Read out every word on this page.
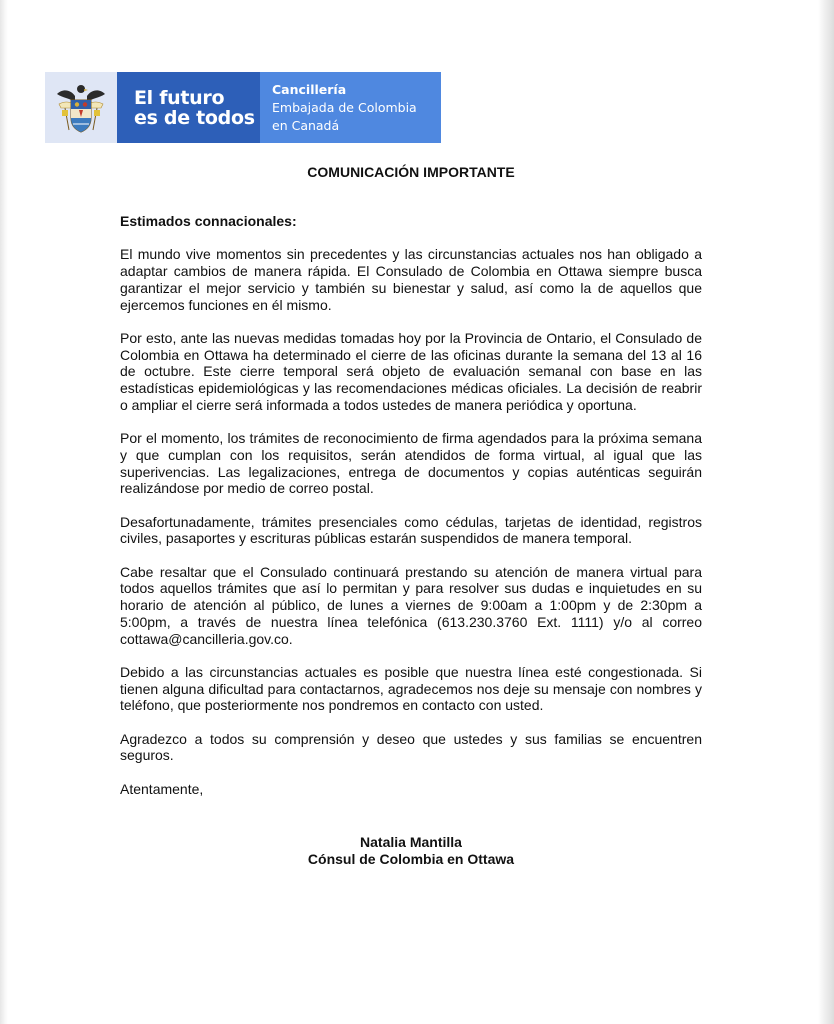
El futuro
es de todos
Cancillería
Embajada de Colombia
en Canadá
COMUNICACIÓN IMPORTANTE

Estimados connacionales:

El mundo vive momentos sin precedentes y las circunstancias actuales nos han obligado a adaptar cambios de manera rápida. El Consulado de Colombia en Ottawa siempre busca garantizar el mejor servicio y también su bienestar y salud, así como la de aquellos que ejercemos funciones en él mismo.

Por esto, ante las nuevas medidas tomadas hoy por la Provincia de Ontario, el Consulado de Colombia en Ottawa ha determinado el cierre de las oficinas durante la semana del 13 al 16 de octubre. Este cierre temporal será objeto de evaluación semanal con base en las estadísticas epidemiológicas y las recomendaciones médicas oficiales. La decisión de reabrir o ampliar el cierre será informada a todos ustedes de manera periódica y oportuna.

Por el momento, los trámites de reconocimiento de firma agendados para la próxima semana y que cumplan con los requisitos, serán atendidos de forma virtual, al igual que las superivencias. Las legalizaciones, entrega de documentos y copias auténticas seguirán realizándose por medio de correo postal.

Desafortunadamente, trámites presenciales como cédulas, tarjetas de identidad, registros civiles, pasaportes y escrituras públicas estarán suspendidos de manera temporal.

Cabe resaltar que el Consulado continuará prestando su atención de manera virtual para todos aquellos trámites que así lo permitan y para resolver sus dudas e inquietudes en su horario de atención al público, de lunes a viernes de 9:00am a 1:00pm y de 2:30pm a 5:00pm, a través de nuestra línea telefónica (613.230.3760 Ext. 1111) y/o al correo cottawa@cancilleria.gov.co.

Debido a las circunstancias actuales es posible que nuestra línea esté congestionada. Si tienen alguna dificultad para contactarnos, agradecemos nos deje su mensaje con nombres y teléfono, que posteriormente nos pondremos en contacto con usted.

Agradezco a todos su comprensión y deseo que ustedes y sus familias se encuentren seguros.

Atentamente,

Natalia Mantilla
Cónsul de Colombia en Ottawa
